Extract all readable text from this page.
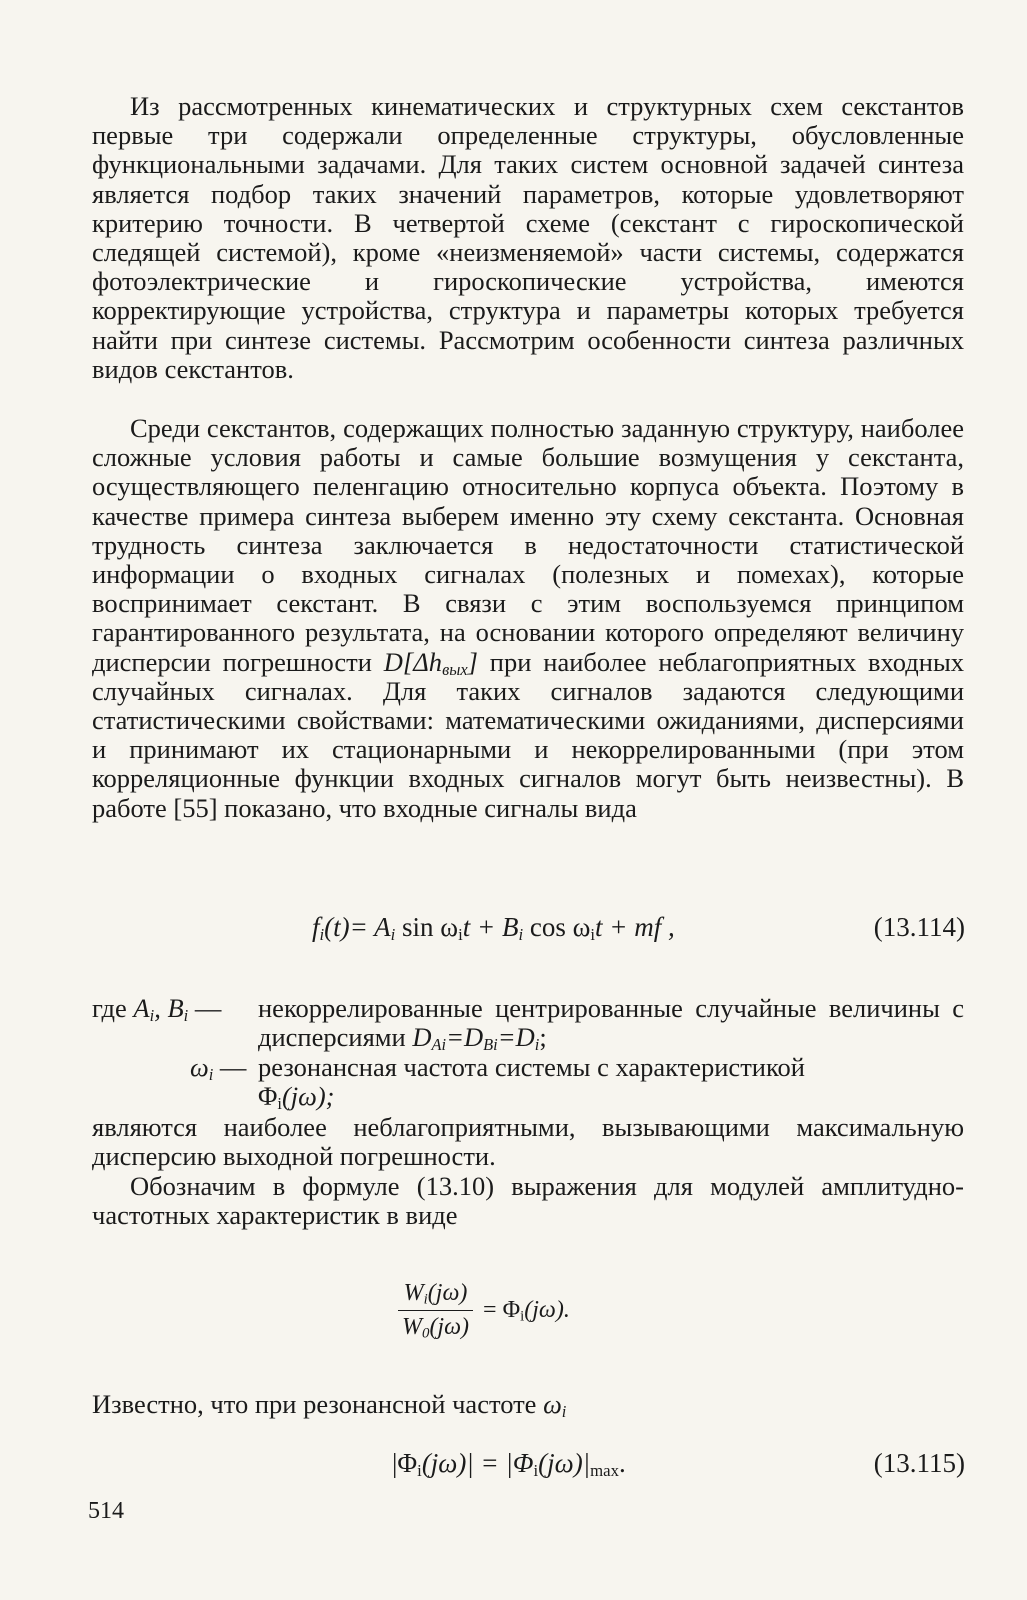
Из рассмотренных кинематических и структурных схем секстантов первые три содержали определенные структуры, обусловленные функциональными задачами. Для таких систем основной задачей синтеза является подбор таких значений параметров, которые удовлетворяют критерию точности. В четвертой схеме (секстант с гироскопической следящей системой), кроме «неизменяемой» части системы, содержатся фотоэлектрические и гироскопические устройства, имеются корректирующие устройства, структура и параметры которых требуется найти при синтезе системы. Рассмотрим особенности синтеза различных видов секстантов.

Среди секстантов, содержащих полностью заданную структуру, наиболее сложные условия работы и самые большие возмущения у секстанта, осуществляющего пеленгацию относительно корпуса объекта. Поэтому в качестве примера синтеза выберем именно эту схему секстанта. Основная трудность синтеза заключается в недостаточности статистической информации о входных сигналах (полезных и помехах), которые воспринимает секстант. В связи с этим воспользуемся принципом гарантированного результата, на основании которого определяют величину дисперсии погрешности $D[\Delta h_{вых}]$ при наиболее неблагоприятных входных случайных сигналах. Для таких сигналов задаются следующими статистическими свойствами: математическими ожиданиями, дисперсиями и принимают их стационарными и некоррелированными (при этом корреляционные функции входных сигналов могут быть неизвестны). В работе [55] показано, что входные сигналы вида

$f_i(t)= A_i$ $\sin \omega_it + B_i$ $\cos \omega_it$ + mf ,	(13.114)
где $A_i$, $B_i$ —	некоррелированные центрированные случайные величины с дисперсиями $D_{Ai}=D_{Bi}=D_i$;

$\omega_i$ — резонансная частота системы с характеристикой
$\Phi_i(j\omega)$;

являются наиболее неблагоприятными, вызывающими максимальную дисперсию выходной погрешности.

Обозначим в формуле (13.10) выражения для модулей амплитудно-частотных характеристик в виде

$\frac{W_i(j\omega)}{W_0(j\omega)} = \Phi_i(j\omega)$.

Известно, что при резонансной частоте $\omega_i$

$|\Phi_i(j\omega)| = |\Phi_i(j\omega)|_{max}$.	(13.115)
514
